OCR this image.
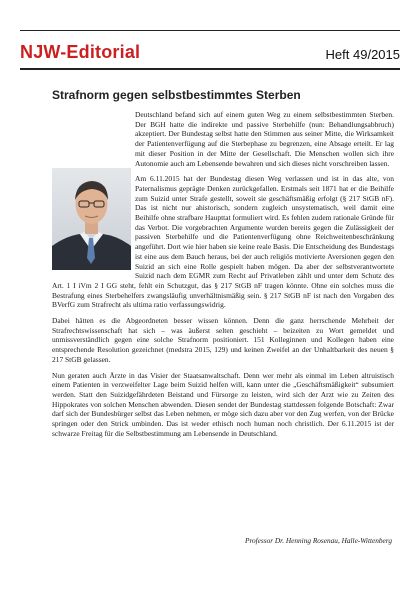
NJW-Editorial	Heft 49/2015
Strafnorm gegen selbstbestimmtes Sterben

Deutschland befand sich auf einem guten Weg zu einem selbstbestimmten Sterben. Der BGH hatte die indirekte und passive Sterbehilfe (nun: Behandlungsabbruch) akzeptiert. Der Bundestag selbst hatte den Stimmen aus seiner Mitte, die Wirksamkeit der Patientenverfügung auf die Sterbephase zu begrenzen, eine Absage erteilt. Er lag mit dieser Position in der Mitte der Gesellschaft. Die Menschen wollen sich ihre Autonomie auch am Lebensende bewahren und sich dieses nicht vorschreiben lassen.

Am 6.11.2015 hat der Bundestag diesen Weg verlassen und ist in das alte, von Paternalismus geprägte Denken zurückgefallen. Erstmals seit 1871 hat er die Beihilfe zum Suizid unter Strafe gestellt, soweit sie geschäftsmäßig erfolgt (§ 217 StGB nF). Das ist nicht nur ahistorisch, sondern zugleich unsystematisch, weil damit eine Beihilfe ohne strafbare Haupttat formuliert wird. Es fehlen zudem rationale Gründe für das Verbot. Die vorgebrachten Argumente wurden bereits gegen die Zulässigkeit der passiven Sterbehilfe und die Patientenverfügung ohne Reichweitenbeschränkung angeführt. Dort wie hier haben sie keine reale Basis. Die Entscheidung des Bundestags ist eine aus dem Bauch heraus, bei der auch religiös motivierte Aversionen gegen den Suizid an sich eine Rolle gespielt haben mögen. Da aber der selbstverantwortete Suizid nach dem EGMR zum Recht auf Privatleben zählt und unter dem Schutz des Art. 1 I iVm 2 I GG steht, fehlt ein Schutzgut, das § 217 StGB nF tragen könnte. Ohne ein solches muss die Bestrafung eines Sterbehelfers zwangsläufig unverhältnismäßig sein. § 217 StGB nF ist nach den Vorgaben des BVerfG zum Strafrecht als ultima ratio verfassungswidrig.

Dabei hätten es die Abgeordneten besser wissen können. Denn die ganz herrschende Mehrheit der Strafrechtswissenschaft hat sich – was äußerst selten geschieht – beizeiten zu Wort gemeldet und unmissverständlich gegen eine solche Strafnorm positioniert. 151 Kolleginnen und Kollegen haben eine entsprechende Resolution gezeichnet (medstra 2015, 129) und keinen Zweifel an der Unhaltbarkeit des neuen § 217 StGB gelassen.

Nun geraten auch Ärzte in das Visier der Staatsanwaltschaft. Denn wer mehr als einmal im Leben altruistisch einem Patienten in verzweifelter Lage beim Suizid helfen will, kann unter die „Geschäftsmäßigkeit“ subsumiert werden. Statt den Suizidgefährdeten Beistand und Fürsorge zu leisten, wird sich der Arzt wie zu Zeiten des Hippokrates von solchen Menschen abwenden. Diesen sendet der Bundestag stattdessen folgende Botschaft: Zwar darf sich der Bundesbürger selbst das Leben nehmen, er möge sich dazu aber vor den Zug werfen, von der Brücke springen oder den Strick umbinden. Das ist weder ethisch noch human noch christlich. Der 6.11.2015 ist der schwarze Freitag für die Selbstbestimmung am Lebensende in Deutschland.

Professor Dr. Henning Rosenau, Halle-Wittenberg
